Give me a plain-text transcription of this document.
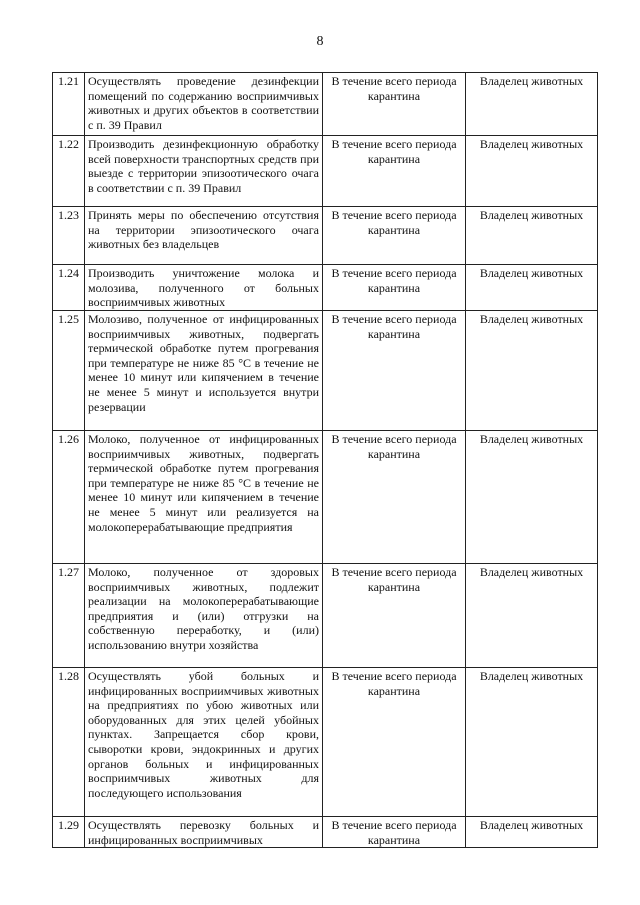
8
1.21	Осуществлять проведение дезинфекции помещений по содержанию восприимчивых животных и других объектов в соответствии с п. 39 Правил	В течение всего периода карантина	Владелец животных
1.22	Производить дезинфекционную обработку всей поверхности транспортных средств при выезде с территории эпизоотического очага в соответствии с п. 39 Правил	В течение всего периода карантина	Владелец животных
1.23	Принять меры по обеспечению отсутствия на территории эпизоотического очага животных без владельцев	В течение всего периода карантина	Владелец животных
1.24	Производить уничтожение молока и молозива, полученного от больных восприимчивых животных	В течение всего периода карантина	Владелец животных
1.25	Молозиво, полученное от инфицированных восприимчивых животных, подвергать термической обработке путем прогревания при температуре не ниже 85 °С в течение не менее 10 минут или кипячением в течение не менее 5 минут и используется внутри резервации	В течение всего периода карантина	Владелец животных
1.26	Молоко, полученное от инфицированных восприимчивых животных, подвергать термической обработке путем прогревания при температуре не ниже 85 °С в течение не менее 10 минут или кипячением в течение не менее 5 минут или реализуется на молокоперерабатывающие предприятия	В течение всего периода карантина	Владелец животных
1.27	Молоко, полученное от здоровых восприимчивых животных, подлежит реализации на молокоперерабатывающие предприятия и (или) отгрузки на собственную переработку, и (или) использованию внутри хозяйства	В течение всего периода карантина	Владелец животных
1.28	Осуществлять убой больных и инфицированных восприимчивых животных на предприятиях по убою животных или оборудованных для этих целей убойных пунктах. Запрещается сбор крови, сыворотки крови, эндокринных и других органов больных и инфицированных восприимчивых животных для последующего использования	В течение всего периода карантина	Владелец животных
1.29	Осуществлять перевозку больных и инфицированных восприимчивых	В течение всего периода карантина	Владелец животных
